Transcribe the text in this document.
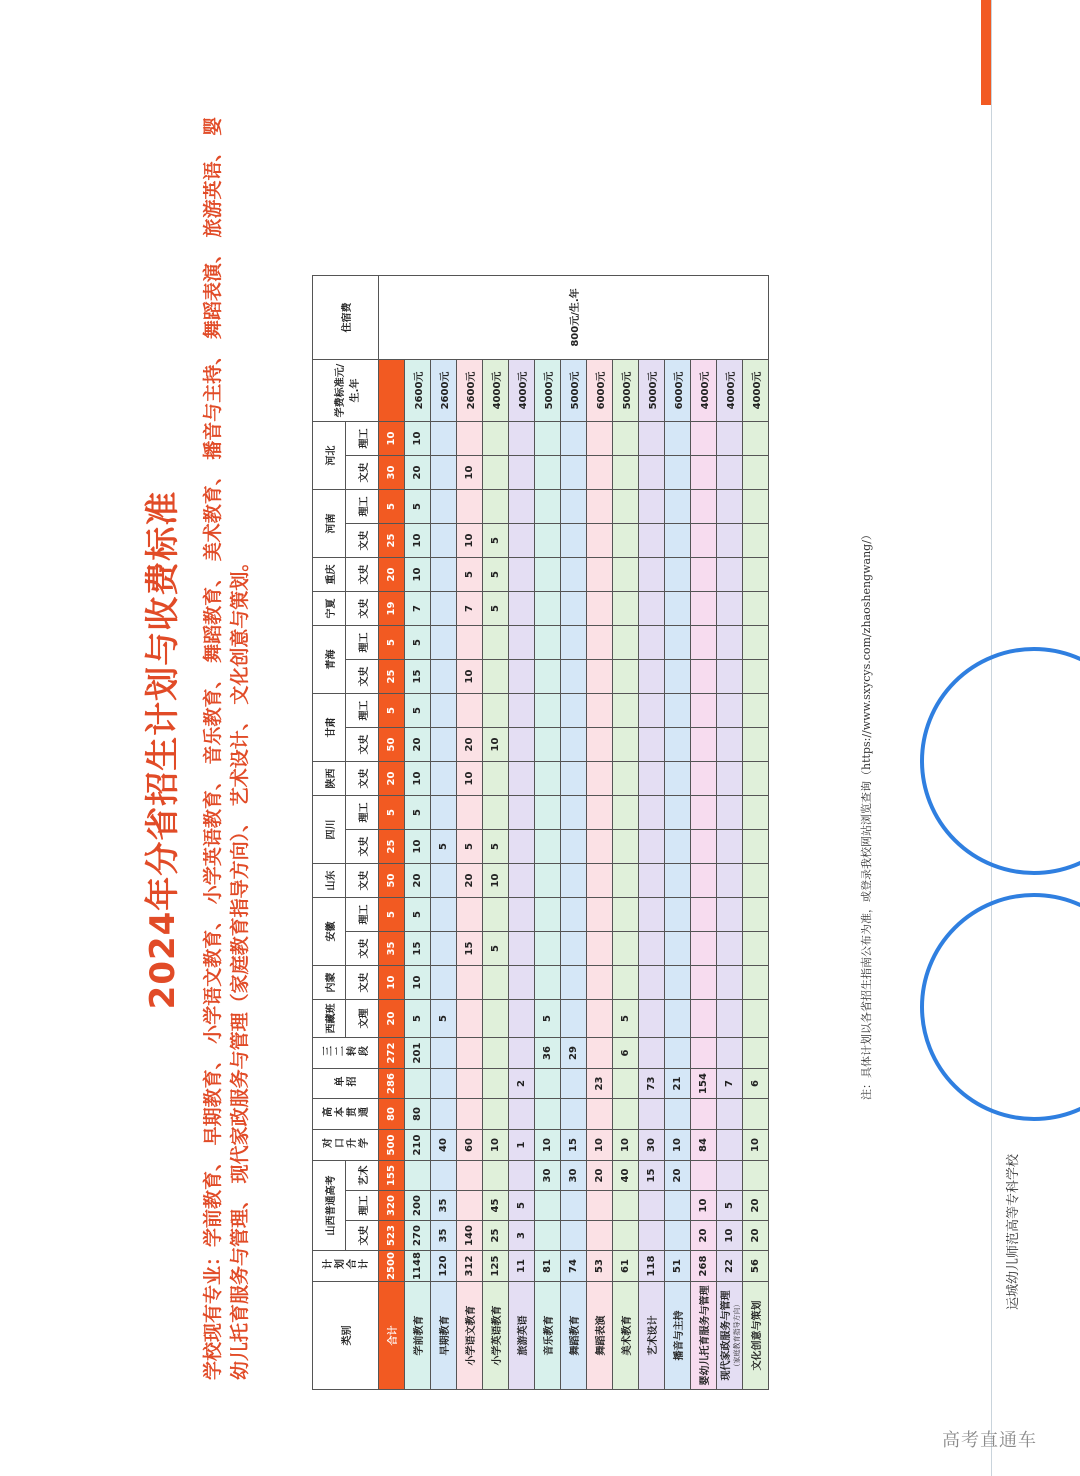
2024年分省招生计划与收费标准 学校现有专业：学前教育、 早期教育、 小学语文教育、 小学英语教育、 音乐教育、 舞蹈教育、 美术教育、 播音与主持、 舞蹈表演、 旅游英语、 婴幼儿托育服务与管理、 现代家政服务与管理（家庭教育指导方向）、 艺术设计、 文化创意与策划。	类别	计划合计	山西普通高考			对口升学	高本贯通	单招	三二转段	西藏班	内蒙	安徽		山东	四川		陕西	甘肃		青海		宁夏	重庆	河南		河北		学费标准元/生.年	住宿费
		文史	理工	艺术					文理	文史	文史	理工	文史	文史	理工	文史	文史	理工	文史	理工	文史	文史	文史	理工	文史	理工		
合计	2500	523	320	155	500	80	286	272	20	10	35	5	50	25	5	20	50	5	25	5	19	20	25	5	30	10		800元/生.年
学前教育	1148	270	200		210	80		201	5	10	15	5	20	10	5	10	20	5	15	5	7	10	10	5	20	10	2600元	
早期教育	120	35	35		40				5					5													2600元	
小学语文教育	312	140			60						15		20	5		10	20		10		7	5	10		10		2600元	
小学英语教育	125	25	45		10						5		10	5			10				5	5	5				4000元	
旅游英语	11	3	5		1		2																				4000元	
音乐教育	81			30	10			36	5																		5000元	
舞蹈教育	74			30	15			29																			5000元	
舞蹈表演	53			20	10		23																				6000元	
美术教育	61			40	10			6	5																		5000元	
艺术设计	118			15	30		73																				5000元	
播音与主持	51			20	10		21																				6000元	
婴幼儿托育服务与管理	268	20	10		84		154																				4000元	

现代家政服务与管理 （家庭教育指导方向）	22	10	5				7																				4000元	
文化创意与策划	56	20	20		10		6																				4000元	
注：具体计划以各省招生指南公布为准，或登录我校网站浏览查询（https://www.sxycys.com/zhaoshengwang/）
运城幼儿师范高等专科学校
高考直通车
